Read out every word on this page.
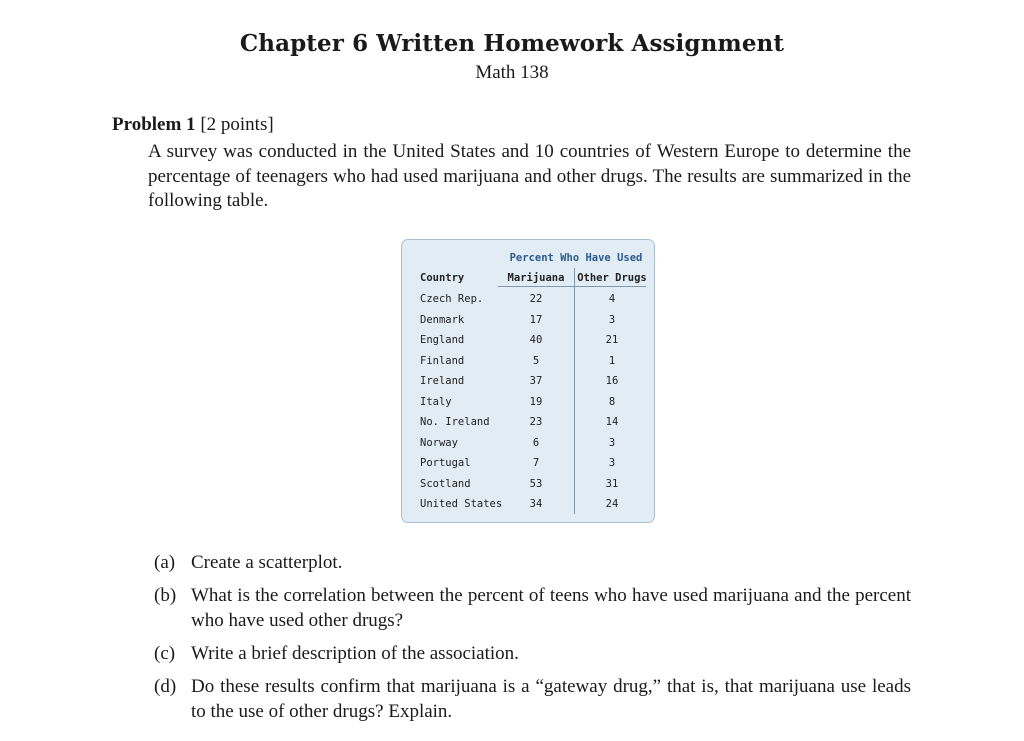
Chapter 6 Written Homework Assignment
Math 138
Problem 1 [2 points]
A survey was conducted in the United States and 10 countries of Western Europe to determine the percentage of teenagers who had used marijuana and other drugs. The results are summarized in the following table.
Percent Who Have Used
Country	Marijuana	Other Drugs
Czech Rep.	22	4
Denmark	17	3
England	40	21
Finland	5	1
Ireland	37	16
Italy	19	8
No. Ireland	23	14
Norway	6	3
Portugal	7	3
Scotland	53	31
United States	34	24
(a) Create a scatterplot.
(b) What is the correlation between the percent of teens who have used marijuana and the percent who have used other drugs?
(c) Write a brief description of the association.
(d) Do these results confirm that marijuana is a “gateway drug,” that is, that marijuana use leads to the use of other drugs? Explain.
